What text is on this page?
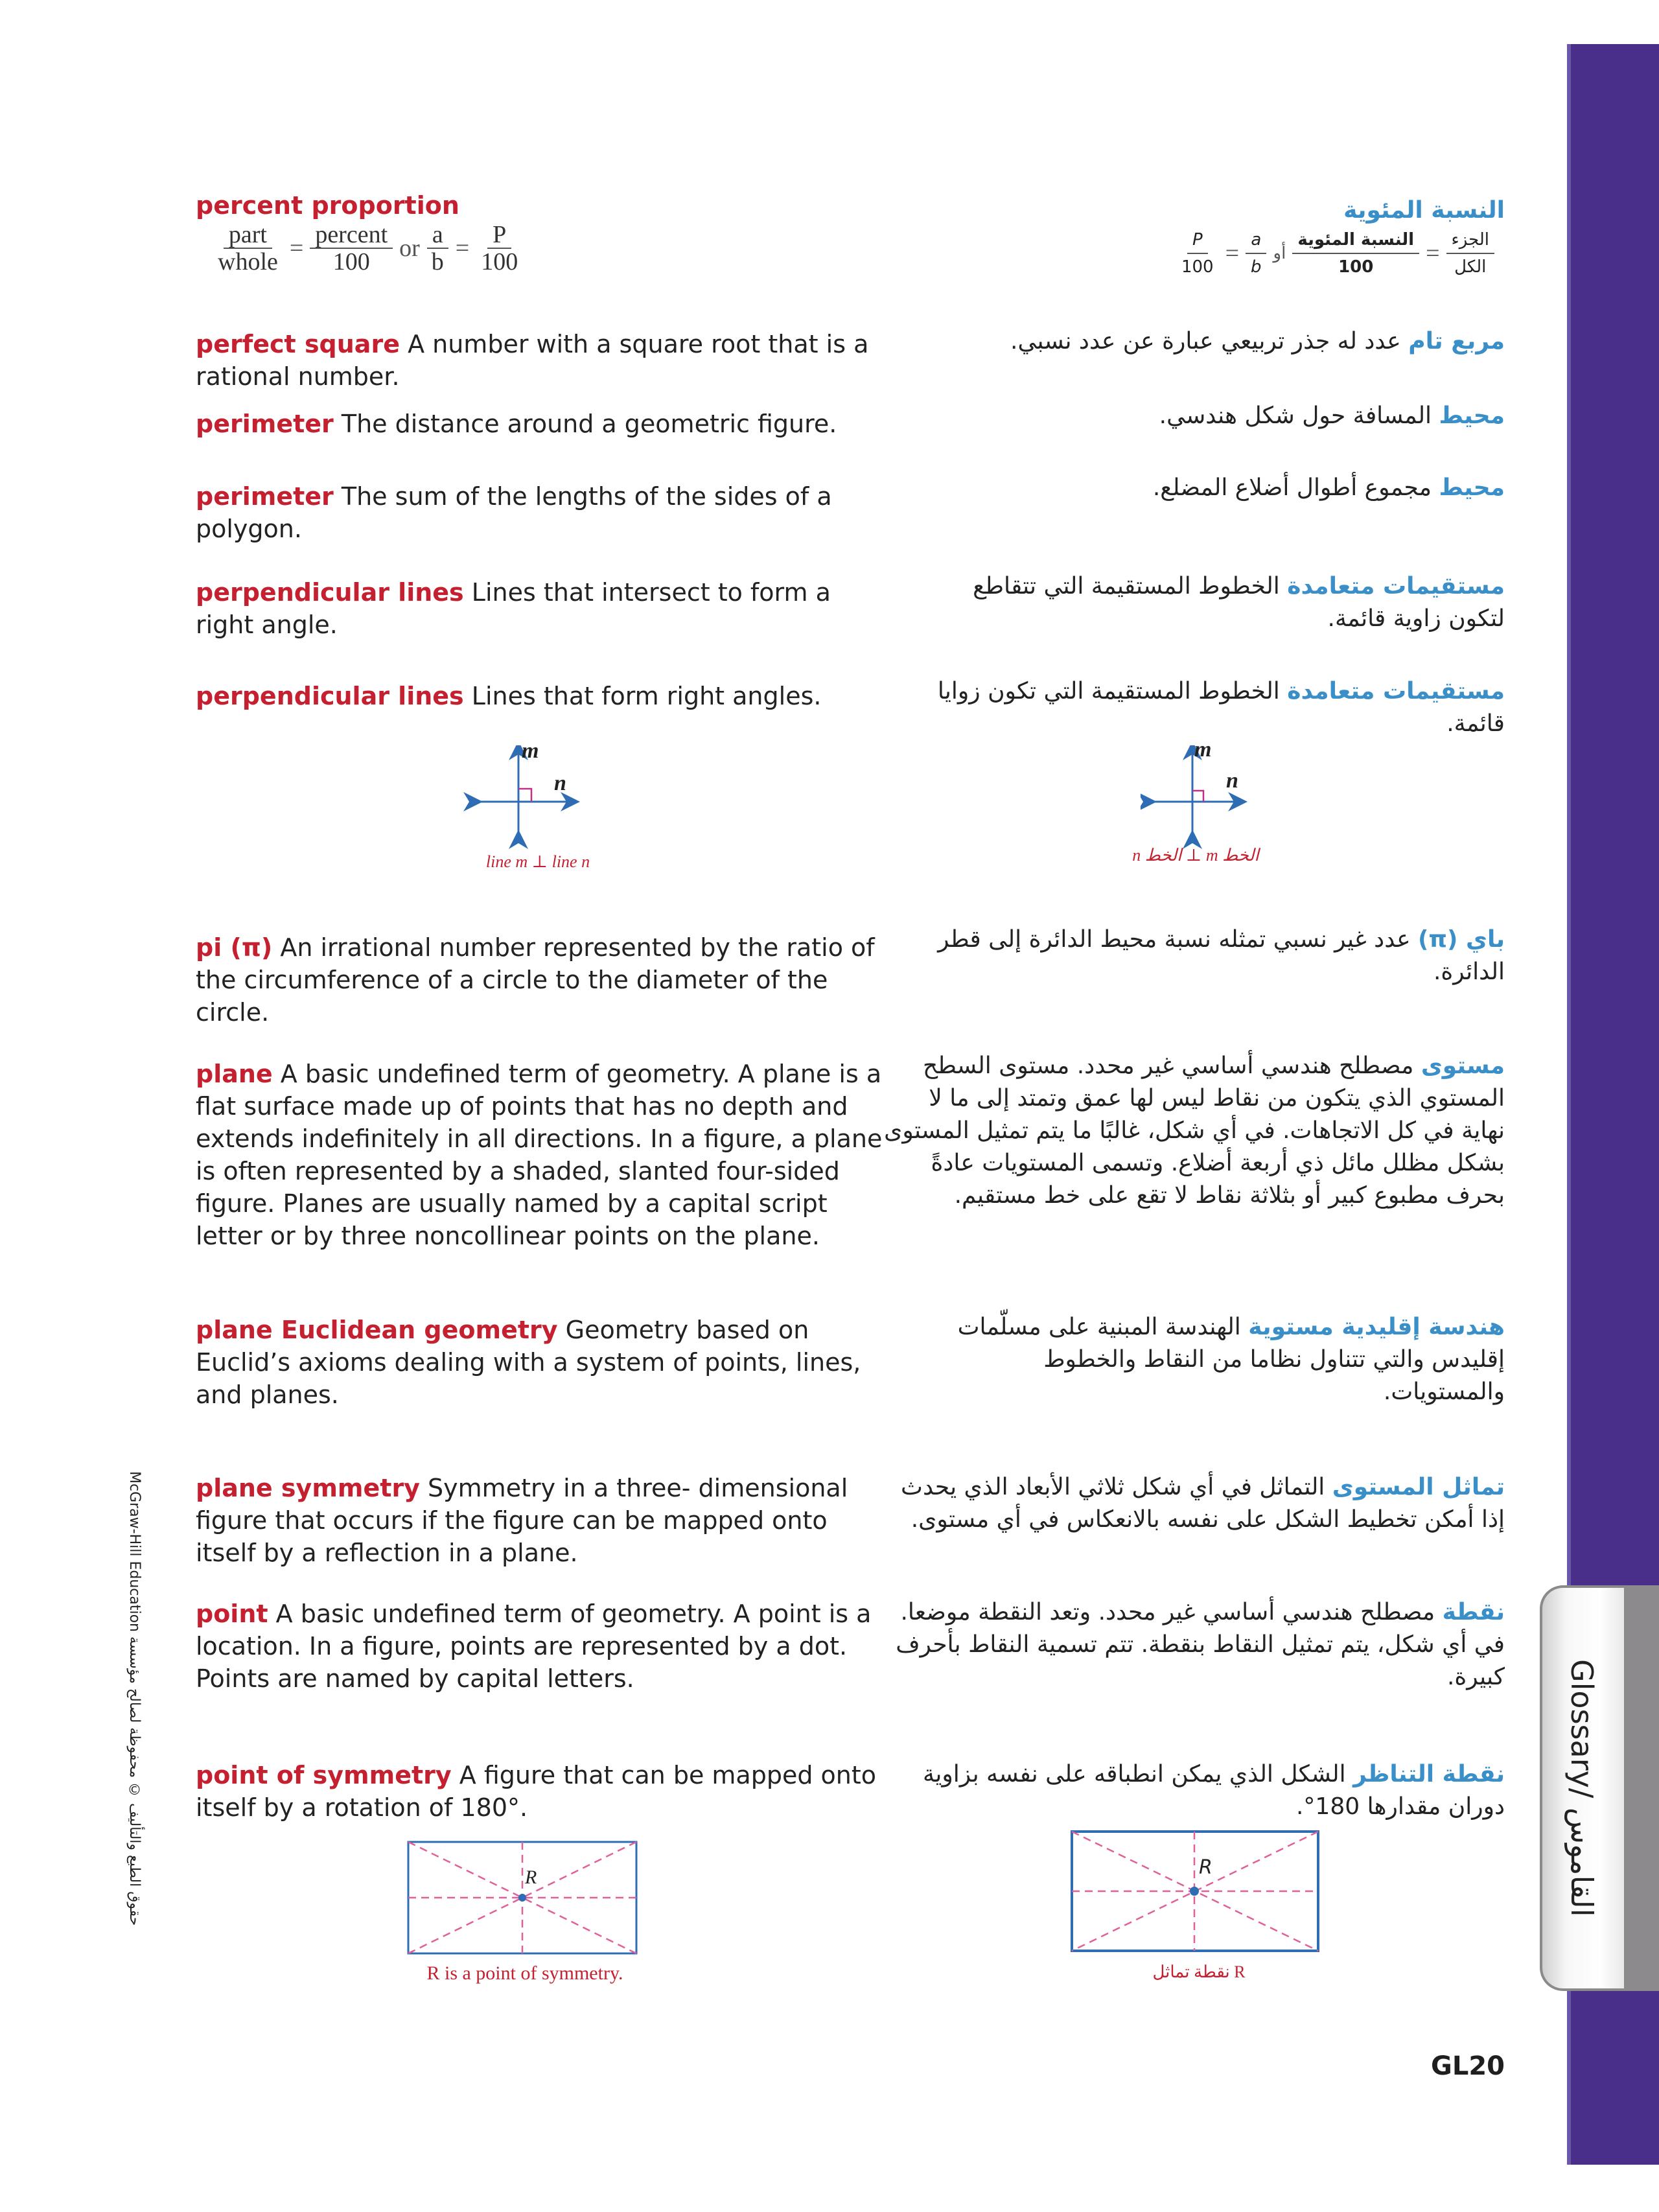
percent proportion
$\frac{\text{part}}{\text{whole}} = \frac{\text{percent}}{100}$ or $\frac{a}{b} = \frac{P}{100}$
perfect square A number with a square root that is a rational number.
perimeter The distance around a geometric figure.
perimeter The sum of the lengths of the sides of a polygon.
perpendicular lines Lines that intersect to form a right angle.
perpendicular lines Lines that form right angles.
m
n
line m ⊥ line n
pi (π) An irrational number represented by the ratio of the circumference of a circle to the diameter of the circle.
plane A basic undefined term of geometry. A plane is a flat surface made up of points that has no depth and extends indefinitely in all directions. In a figure, a plane is often represented by a shaded, slanted four-sided figure. Planes are usually named by a capital script letter or by three noncollinear points on the plane.
plane Euclidean geometry Geometry based on Euclid’s axioms dealing with a system of points, lines, and planes.
plane symmetry Symmetry in a three- dimensional figure that occurs if the figure can be mapped onto itself by a reflection in a plane.
point A basic undefined term of geometry. A point is a location. In a figure, points are represented by a dot. Points are named by capital letters.
point of symmetry A figure that can be mapped onto itself by a rotation of 180°.
R
R is a point of symmetry.
النسبة المئوية
$\frac{\text{الجزء}}{\text{الكل}}$
=
$\frac{\text{النسبة المئوية}}{100}$
أو
$\frac{a}{b}$
=
$\frac{P}{100}$
مربع تام عدد له جذر تربيعي عبارة عن عدد نسبي.
محيط المسافة حول شكل هندسي.
محيط مجموع أطوال أضلاع المضلع.
مستقيمات متعامدة الخطوط المستقيمة التي تتقاطع لتكون زاوية قائمة.
مستقيمات متعامدة الخطوط المستقيمة التي تكون زوايا قائمة.
m
n
الخط m ⊥ الخط n
باي (π) عدد غير نسبي تمثله نسبة محيط الدائرة إلى قطر الدائرة.
مستوى مصطلح هندسي أساسي غير محدد. مستوى السطح المستوي الذي يتكون من نقاط ليس لها عمق وتمتد إلى ما لا نهاية في كل الاتجاهات. في أي شكل، غالبًا ما يتم تمثيل المستوى بشكل مظلل مائل ذي أربعة أضلاع. وتسمى المستويات عادةً بحرف مطبوع كبير أو بثلاثة نقاط لا تقع على خط مستقيم.
هندسة إقليدية مستوية الهندسة المبنية على مسلّمات إقليدس والتي تتناول نظاما من النقاط والخطوط والمستويات.
تماثل المستوى التماثل في أي شكل ثلاثي الأبعاد الذي يحدث إذا أمكن تخطيط الشكل على نفسه بالانعكاس في أي مستوى.
نقطة مصطلح هندسي أساسي غير محدد. وتعد النقطة موضعا. في أي شكل، يتم تمثيل النقاط بنقطة. تتم تسمية النقاط بأحرف كبيرة.
نقطة التناظر الشكل الذي يمكن انطباقه على نفسه بزاوية دوران مقدارها 180°.
R
R نقطة تماثل
McGraw-Hill Education حقوق الطبع والتأليف © محفوظة لصالح مؤسسة	Glossary/ القاموس
GL20
